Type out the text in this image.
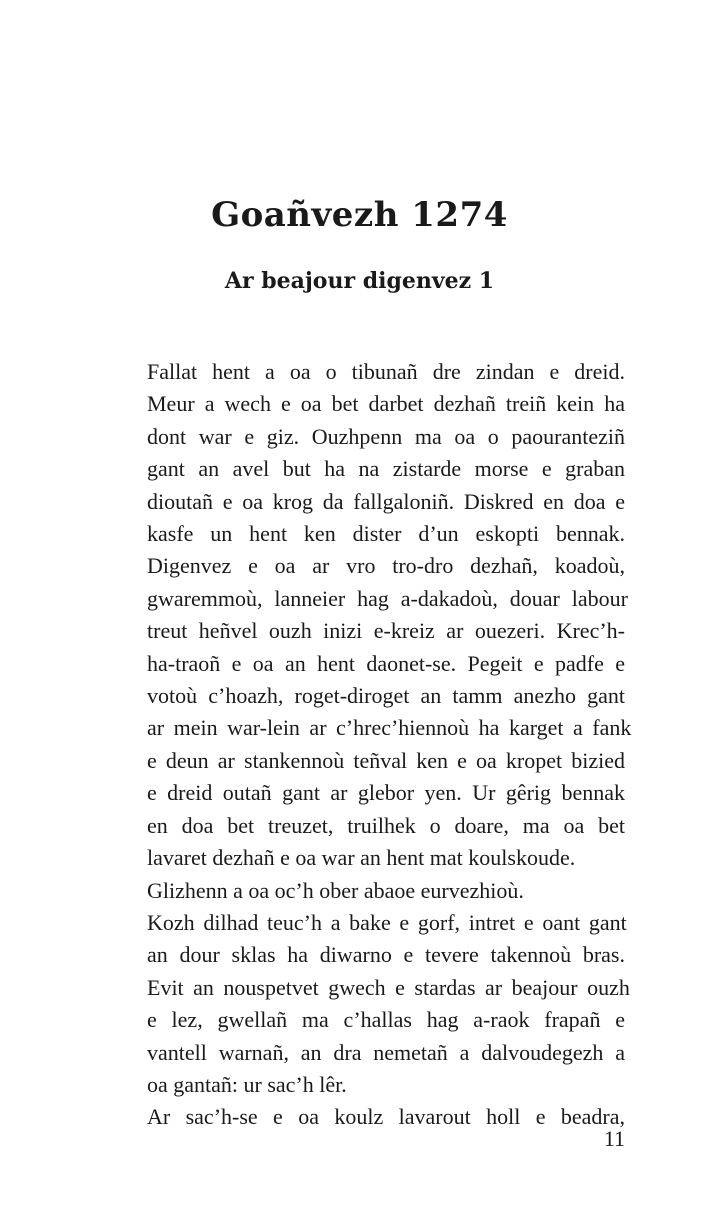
Goañvezh 1274
Ar beajour digenvez 1

Fallat hent a oa o tibunañ dre zindan e dreid.
Meur a wech e oa bet darbet dezhañ treiñ kein ha
dont war e giz. Ouzhpenn ma oa o paouranteziñ
gant an avel but ha na zistarde morse e graban
dioutañ e oa krog da fallgaloniñ. Diskred en doa e
kasfe un hent ken dister d’un eskopti bennak.
Digenvez e oa ar vro tro-dro dezhañ, koadoù,
gwaremmoù, lanneier hag a-dakadoù, douar labour
treut heñvel ouzh inizi e-kreiz ar ouezeri. Krec’h-
ha-traoñ e oa an hent daonet-se. Pegeit e padfe e
votoù c’hoazh, roget-diroget an tamm anezho gant
ar mein war-lein ar c’hrec’hiennoù ha karget a fank
e deun ar stankennoù teñval ken e oa kropet bizied
e dreid outañ gant ar glebor yen. Ur gêrig bennak
en doa bet treuzet, truilhek o doare, ma oa bet
lavaret dezhañ e oa war an hent mat koulskoude.

Glizhenn a oa oc’h ober abaoe eurvezhioù.
Kozh dilhad teuc’h a bake e gorf, intret e oant gant
an dour sklas ha diwarno e tevere takennoù bras.
Evit an nouspetvet gwech e stardas ar beajour ouzh
e lez, gwellañ ma c’hallas hag a-raok frapañ e
vantell warnañ, an dra nemetañ a dalvoudegezh a
oa gantañ: ur sac’h lêr.

Ar sac’h-se e oa koulz lavarout holl e beadra,

11
